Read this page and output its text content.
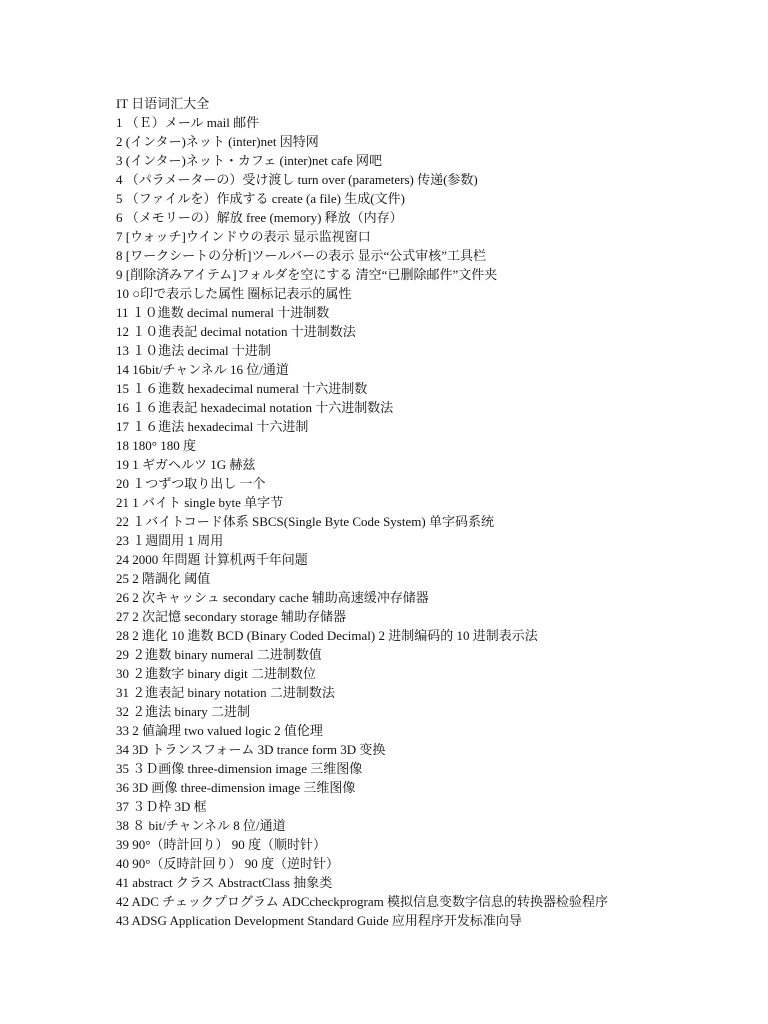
IT 日语词汇大全
1 （Ｅ）メール mail 邮件
2 (インター)ネット (inter)net 因特网
3 (インター)ネット・カフェ (inter)net cafe 网吧
4 （パラメーターの）受け渡し turn over (parameters) 传递(参数)
5 （ファイルを）作成する create (a file) 生成(文件)
6 （メモリーの）解放 free (memory) 释放（内存）
7 [ウォッチ]ウインドウの表示 显示监视窗口
8 [ワークシートの分析]ツールバーの表示 显示“公式审核”工具栏
9 [削除済みアイテム]フォルダを空にする 清空“已删除邮件”文件夹
10 ○印で表示した属性 圈标记表示的属性
11 １０進数 decimal numeral 十进制数
12 １０進表記 decimal notation 十进制数法
13 １０進法 decimal 十进制
14 16bit/チャンネル 16 位/通道
15 １６進数 hexadecimal numeral 十六进制数
16 １６進表記 hexadecimal notation 十六进制数法
17 １６進法 hexadecimal 十六进制
18 180° 180 度
19 1 ギガヘルツ 1G 赫兹
20 １つずつ取り出し 一个
21 1 バイト single byte 单字节
22 １バイトコード体系 SBCS(Single Byte Code System) 单字码系统
23 １週間用 1 周用
24 2000 年問題 计算机两千年问题
25 2 階調化 阈值
26 2 次キャッシュ secondary cache 辅助高速缓冲存储器
27 2 次記憶 secondary storage 辅助存储器
28 2 進化 10 進数 BCD (Binary Coded Decimal) 2 进制编码的 10 进制表示法
29 ２進数 binary numeral 二进制数值
30 ２進数字 binary digit 二进制数位
31 ２進表記 binary notation 二进制数法
32 ２進法 binary 二进制
33 2 値論理 two valued logic 2 值伦理
34 3D トランスフォーム 3D trance form 3D 变换
35 ３Ｄ画像 three-dimension image 三维图像
36 3D 画像 three-dimension image 三维图像
37 ３Ｄ枠 3D 框
38 ８ bit/チャンネル 8 位/通道
39 90°（時計回り） 90 度（顺时针）
40 90°（反時計回り） 90 度（逆时针）
41 abstract クラス AbstractClass 抽象类
42 ADC チェックプログラム ADCcheckprogram 模拟信息变数字信息的转换器检验程序
43 ADSG Application Development Standard Guide 应用程序开发标准向导
